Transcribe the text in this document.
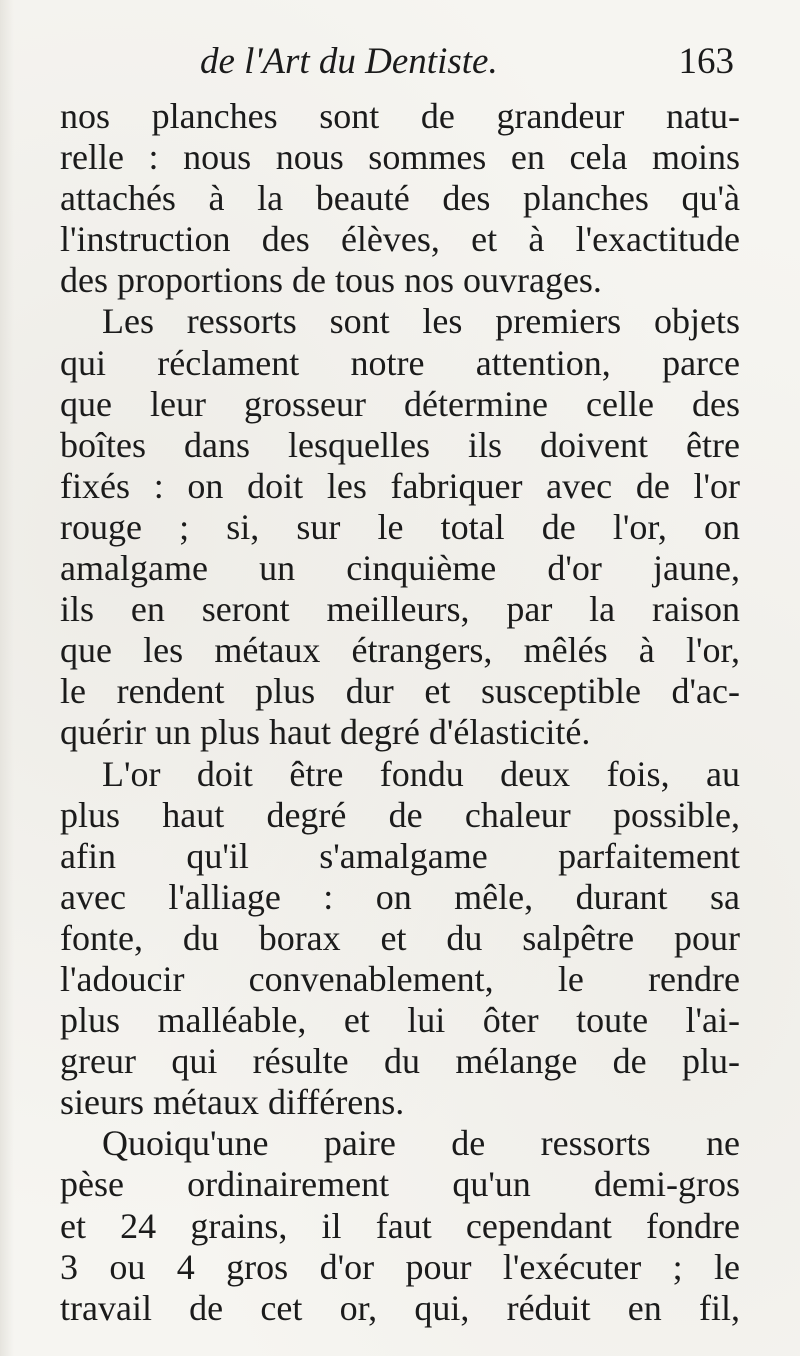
de l'Art du Dentiste.	163
nos planches sont de grandeur natu-
relle : nous nous sommes en cela moins
attachés à la beauté des planches qu'à
l'instruction des élèves, et à l'exactitude
des proportions de tous nos ouvrages.
Les ressorts sont les premiers objets
qui réclament notre attention, parce
que leur grosseur détermine celle des
boîtes dans lesquelles ils doivent être
fixés : on doit les fabriquer avec de l'or
rouge ; si, sur le total de l'or, on
amalgame un cinquième d'or jaune,
ils en seront meilleurs, par la raison
que les métaux étrangers, mêlés à l'or,
le rendent plus dur et susceptible d'ac-
quérir un plus haut degré d'élasticité.
L'or doit être fondu deux fois, au
plus haut degré de chaleur possible,
afin qu'il s'amalgame parfaitement
avec l'alliage : on mêle, durant sa
fonte, du borax et du salpêtre pour
l'adoucir convenablement, le rendre
plus malléable, et lui ôter toute l'ai-
greur qui résulte du mélange de plu-
sieurs métaux différens.
Quoiqu'une paire de ressorts ne
pèse ordinairement qu'un demi-gros
et 24 grains, il faut cependant fondre
3 ou 4 gros d'or pour l'exécuter ; le
travail de cet or, qui, réduit en fil,
